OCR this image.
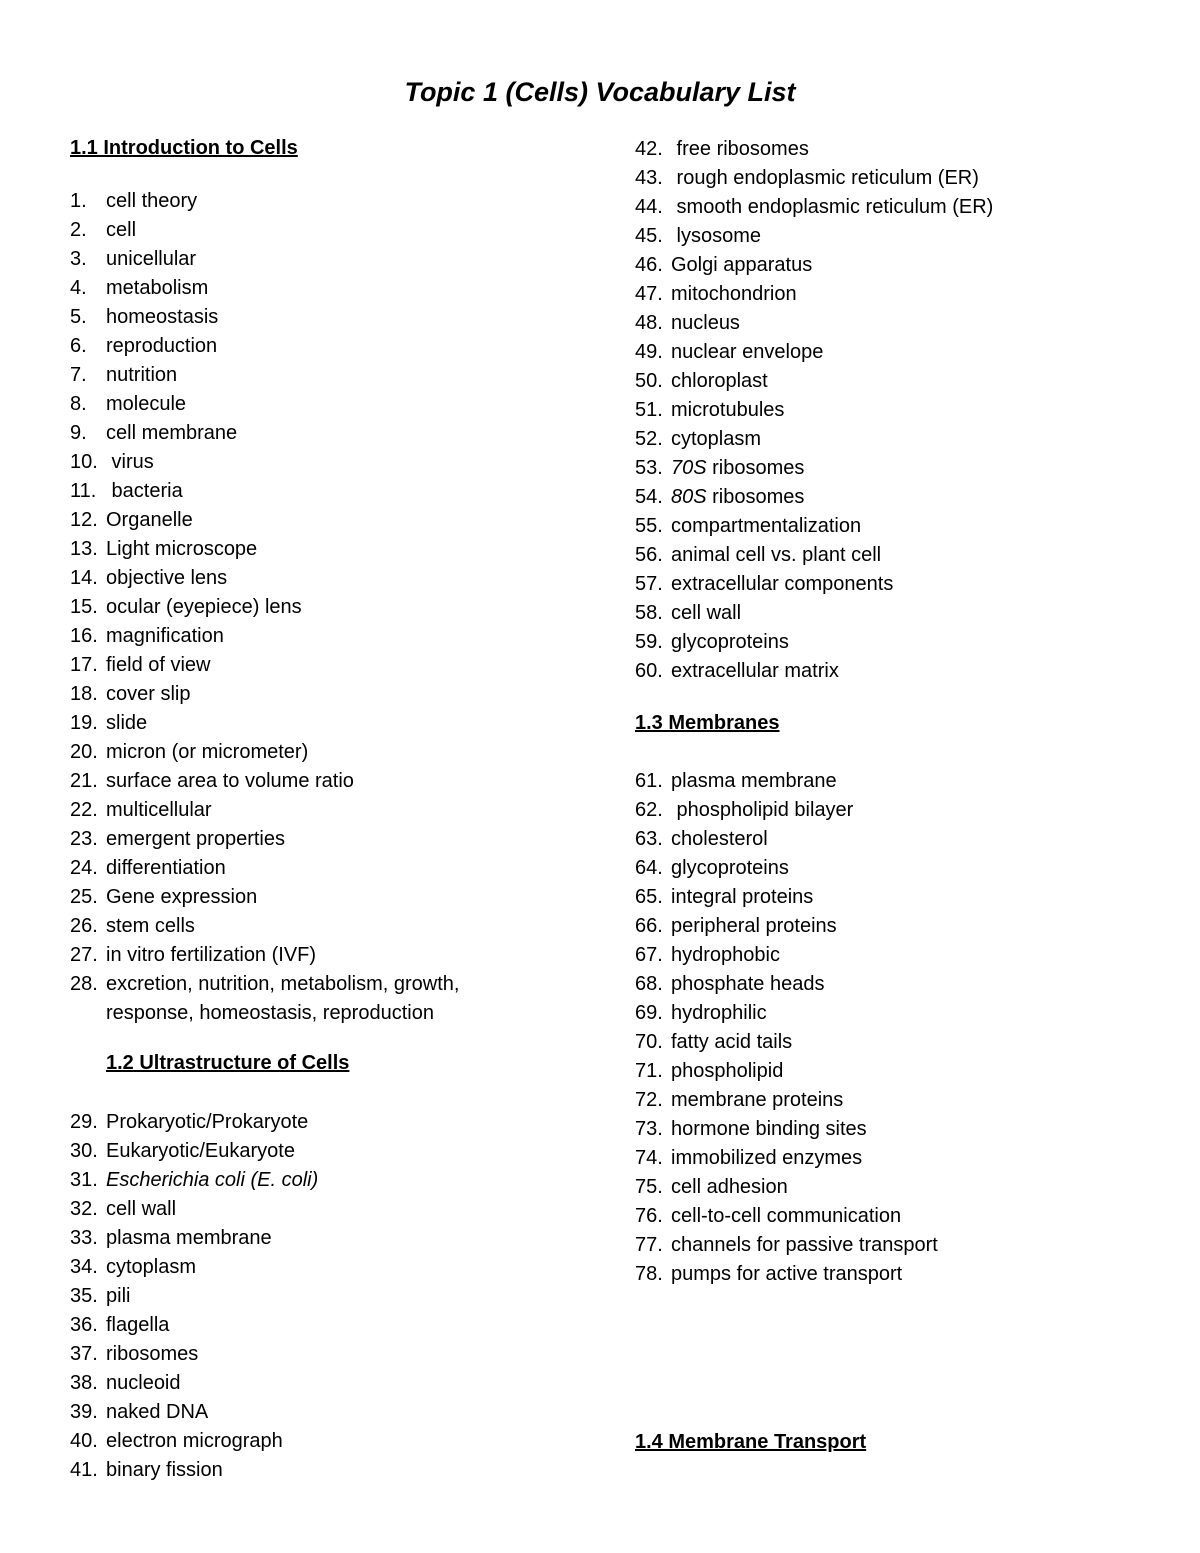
Topic 1 (Cells) Vocabulary List
1.1 Introduction to Cells
1. cell theory
2. cell
3. unicellular
4. metabolism
5. homeostasis
6. reproduction
7. nutrition
8. molecule
9. cell membrane
10. virus
11. bacteria
12. Organelle
13. Light microscope
14. objective lens
15. ocular (eyepiece) lens
16. magnification
17. field of view
18. cover slip
19. slide
20. micron (or micrometer)
21. surface area to volume ratio
22. multicellular
23. emergent properties
24. differentiation
25. Gene expression
26. stem cells
27. in vitro fertilization (IVF)
28. excretion, nutrition, metabolism, growth, response, homeostasis, reproduction
1.2 Ultrastructure of Cells
29. Prokaryotic/Prokaryote
30. Eukaryotic/Eukaryote
31. Escherichia coli (E. coli)
32. cell wall
33. plasma membrane
34. cytoplasm
35. pili
36. flagella
37. ribosomes
38. nucleoid
39. naked DNA
40. electron micrograph
41. binary fission
42. free ribosomes
43. rough endoplasmic reticulum (ER)
44. smooth endoplasmic reticulum (ER)
45. lysosome
46. Golgi apparatus
47. mitochondrion
48. nucleus
49. nuclear envelope
50. chloroplast
51. microtubules
52. cytoplasm
53. 70S ribosomes
54. 80S ribosomes
55. compartmentalization
56. animal cell vs. plant cell
57. extracellular components
58. cell wall
59. glycoproteins
60. extracellular matrix
1.3 Membranes
61. plasma membrane
62. phospholipid bilayer
63. cholesterol
64. glycoproteins
65. integral proteins
66. peripheral proteins
67. hydrophobic
68. phosphate heads
69. hydrophilic
70. fatty acid tails
71. phospholipid
72. membrane proteins
73. hormone binding sites
74. immobilized enzymes
75. cell adhesion
76. cell-to-cell communication
77. channels for passive transport
78. pumps for active transport
1.4 Membrane Transport
